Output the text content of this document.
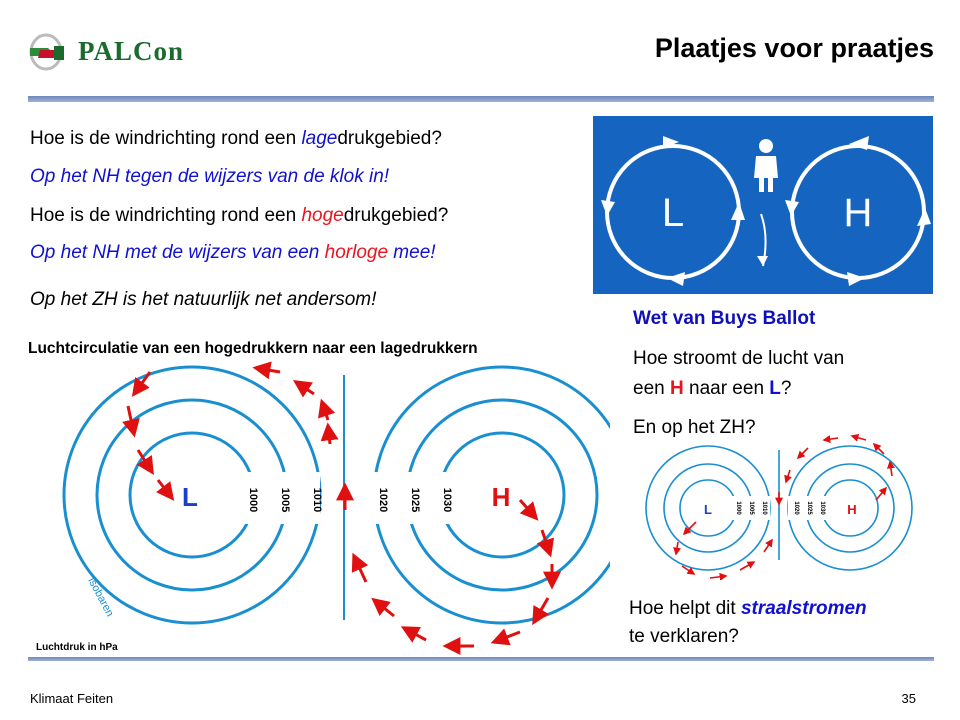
PALCon	Plaatjes voor praatjes
Hoe is de windrichting rond een lagedrukgebied?
Op het NH tegen de wijzers van de klok in!
Hoe is de windrichting rond een hogedrukgebied?
Op het NH met de wijzers van een horloge mee!
Op het ZH is het natuurlijk net andersom!
L	H
Wet van Buys Ballot
Hoe stroomt de lucht van
een H naar een L?
En op het ZH?
Hoe helpt dit straalstromen
te verklaren?
Luchtcirculatie van een hogedrukkern naar een lagedrukkern
1000 1005 1010	1020 1025 1030
L	H
isobaren
Luchtdruk in hPa
1000 1005 1010	1020 1025 1030
L	H
Klimaat Feiten	35
